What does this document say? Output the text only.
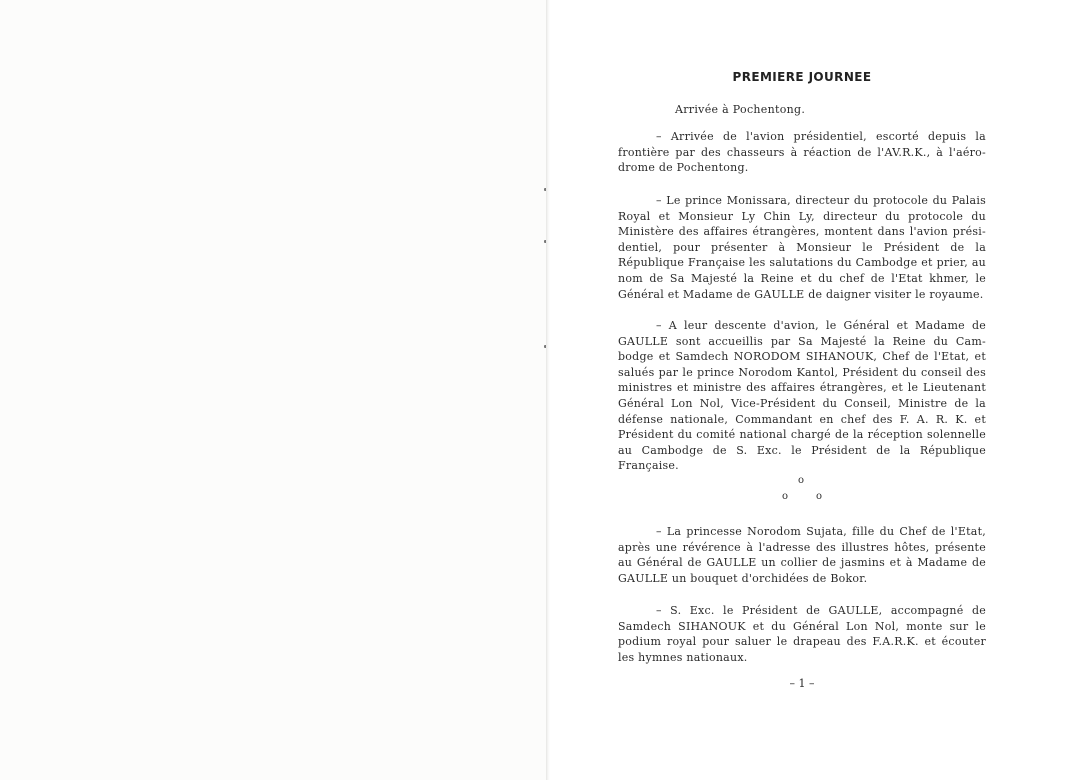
PREMIERE JOURNEE
Arrivée à Pochentong.

– Arrivée de l'avion présidentiel, escorté depuis la frontière par des chasseurs à réaction de l'AV.R.K., à l'aéro- drome de Pochentong.

– Le prince Monissara, directeur du protocole du Palais Royal et Monsieur Ly Chin Ly, directeur du protocole du Ministère des affaires étrangères, montent dans l'avion prési- dentiel, pour présenter à Monsieur le Président de la République Française les salutations du Cambodge et prier, au nom de Sa Majesté la Reine et du chef de l'Etat khmer, le Général et Madame de GAULLE de daigner visiter le royaume.

– A leur descente d'avion, le Général et Madame de GAULLE sont accueillis par Sa Majesté la Reine du Cam- bodge et Samdech NORODOM SIHANOUK, Chef de l'Etat, et salués par le prince Norodom Kantol, Président du conseil des ministres et ministre des affaires étrangères, et le Lieutenant Général Lon Nol, Vice-Président du Conseil, Ministre de la défense nationale, Commandant en chef des F. A. R. K. et Président du comité national chargé de la réception solennelle au Cambodge de S. Exc. le Président de la République Française.

o
o	o

– La princesse Norodom Sujata, fille du Chef de l'Etat, après une révérence à l'adresse des illustres hôtes, présente au Général de GAULLE un collier de jasmins et à Madame de GAULLE un bouquet d'orchidées de Bokor.

– S. Exc. le Président de GAULLE, accompagné de Samdech SIHANOUK et du Général Lon Nol, monte sur le podium royal pour saluer le drapeau des F.A.R.K. et écouter les hymnes nationaux.

– 1 –
